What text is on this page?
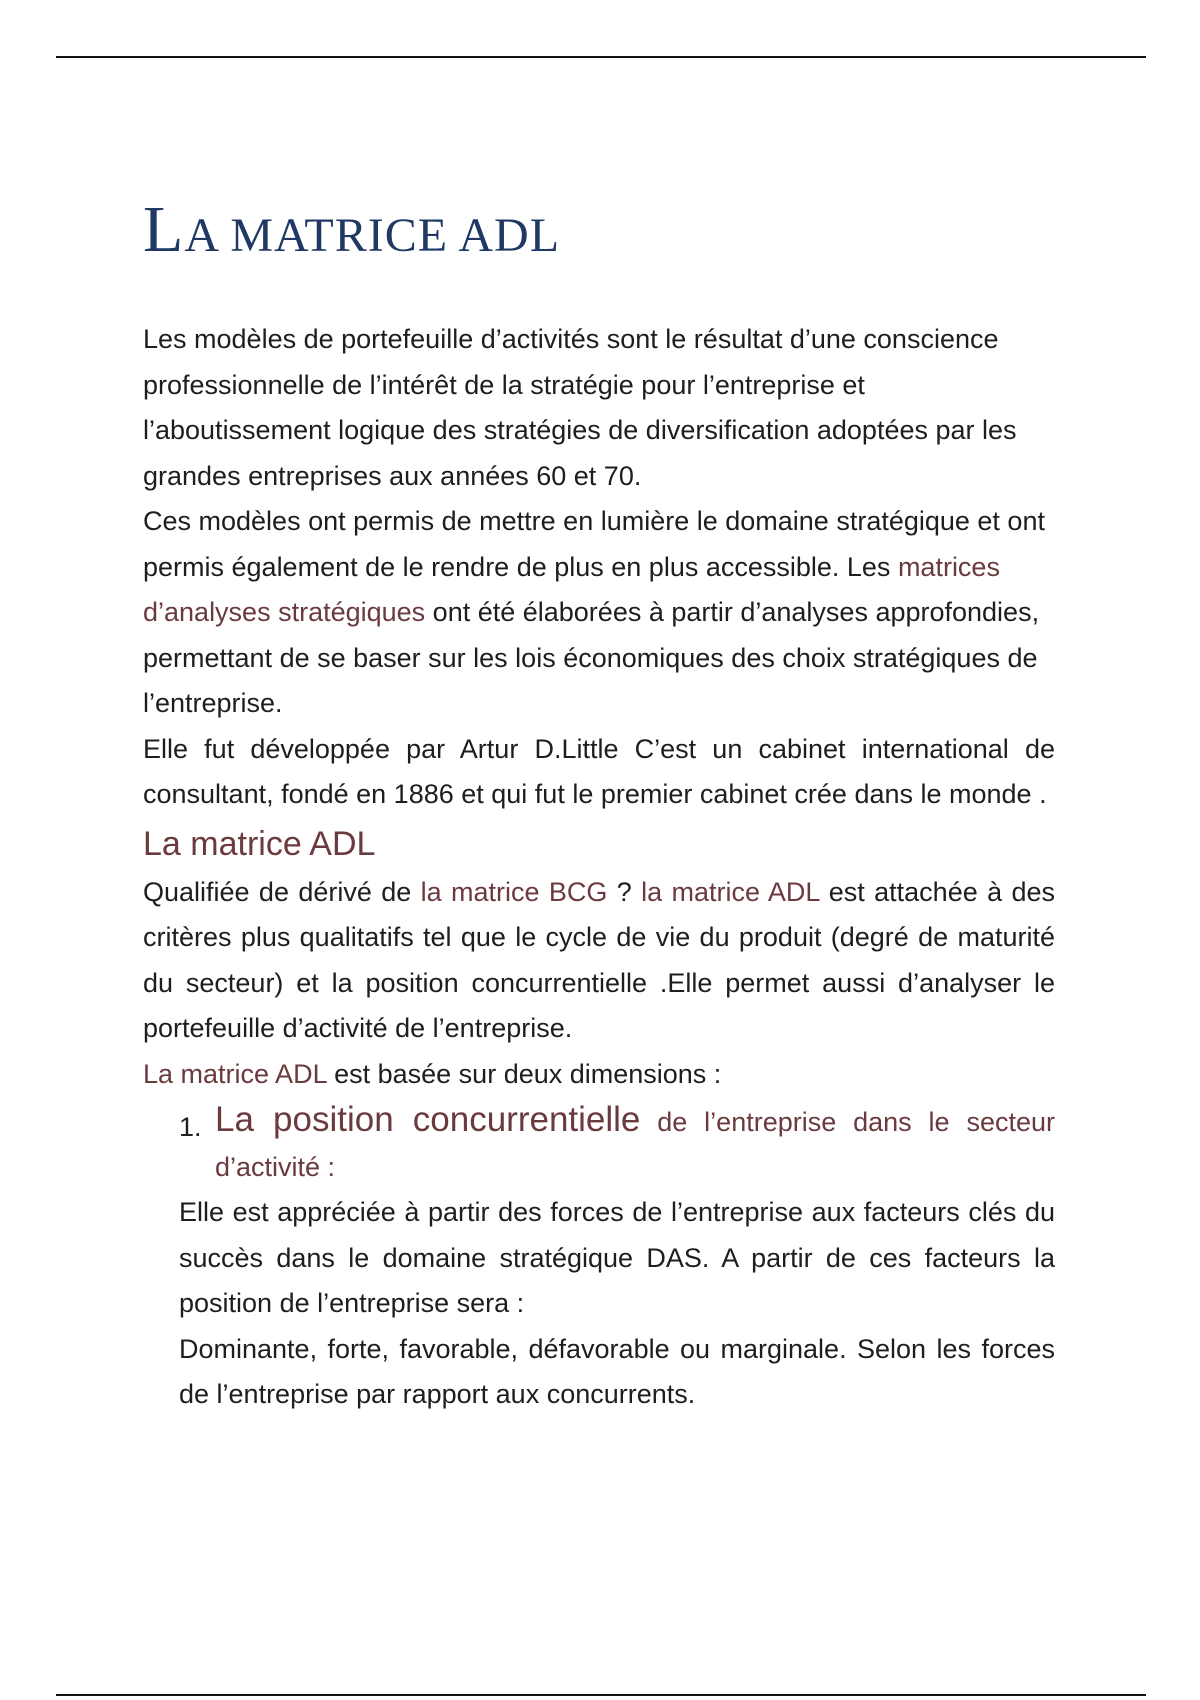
LA MATRICE ADL

Les modèles de portefeuille d’activités sont le résultat d’une conscience professionnelle de l’intérêt de la stratégie pour l’entreprise et l’aboutissement logique des stratégies de diversification adoptées par les grandes entreprises aux années 60 et 70.

Ces modèles ont permis de mettre en lumière le domaine stratégique et ont permis également de le rendre de plus en plus accessible. Les matrices d’analyses stratégiques ont été élaborées à partir d’analyses approfondies, permettant de se baser sur les lois économiques des choix stratégiques de l’entreprise.

Elle fut développée par Artur D.Little C’est un cabinet international de consultant, fondé en 1886 et qui fut le premier cabinet crée dans le monde .

La matrice ADL

Qualifiée de dérivé de la matrice BCG ? la matrice ADL est attachée à des critères plus qualitatifs tel que le cycle de vie du produit (degré de maturité du secteur) et la position concurrentielle .Elle permet aussi d’analyser le portefeuille d’activité de l’entreprise.

La matrice ADL est basée sur deux dimensions :

1. La position concurrentielle de l’entreprise dans le secteur d’activité :

Elle est appréciée à partir des forces de l’entreprise aux facteurs clés du succès dans le domaine stratégique DAS. A partir de ces facteurs la position de l’entreprise sera :

Dominante, forte, favorable, défavorable ou marginale. Selon les forces de l’entreprise par rapport aux concurrents.
